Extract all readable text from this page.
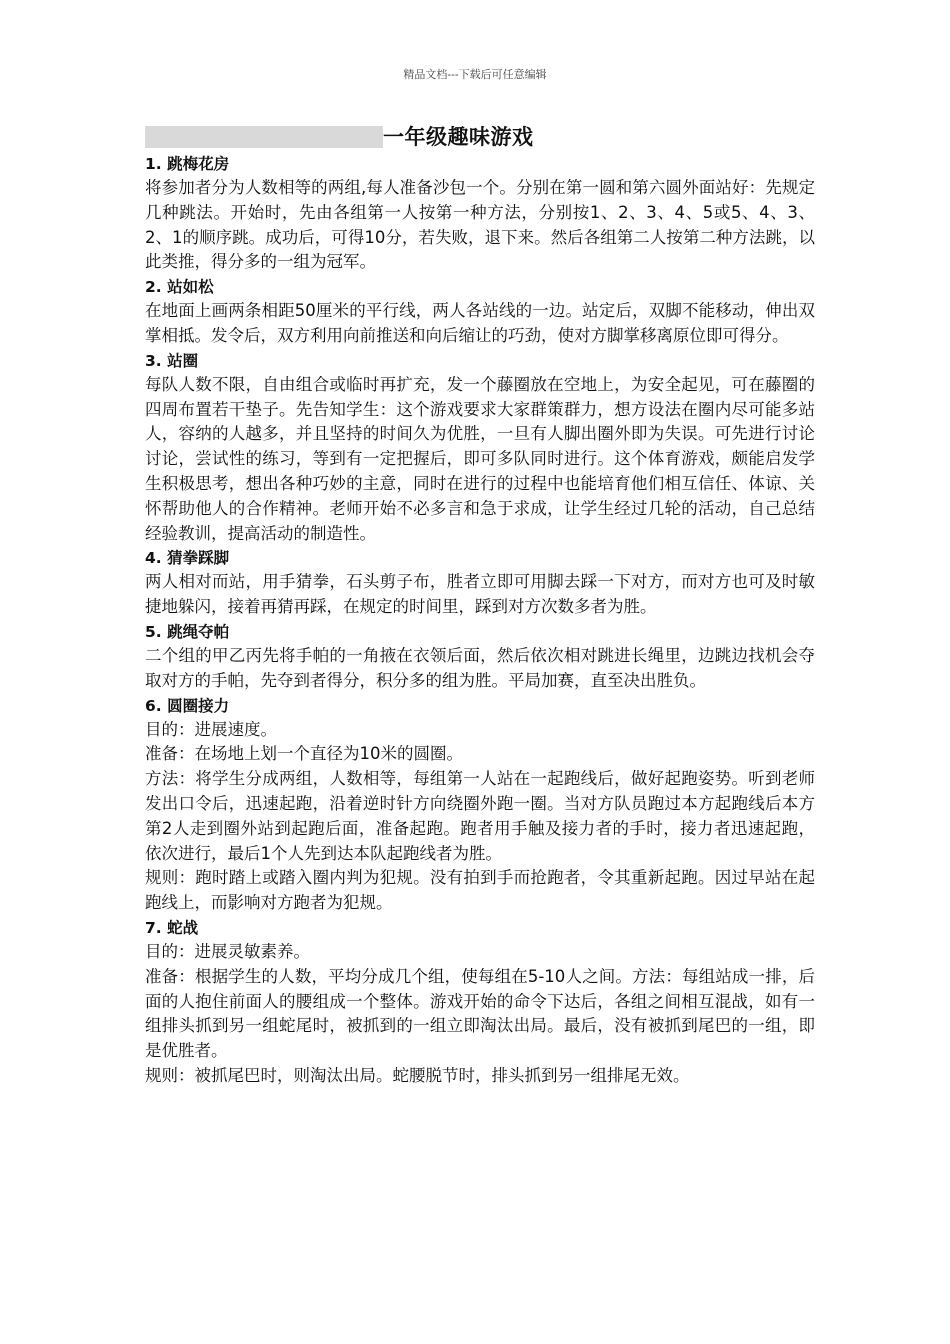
精品文档---下载后可任意编辑
一年级趣味游戏
1. 跳梅花房
将参加者分为人数相等的两组,每人准备沙包一个。分别在第一圆和第六圆外面站好：先规定几种跳法。开始时，先由各组第一人按第一种方法，分别按1、2、3、4、5或5、4、3、2、1的顺序跳。成功后，可得10分，若失败，退下来。然后各组第二人按第二种方法跳，以此类推，得分多的一组为冠军。
2. 站如松
在地面上画两条相距50厘米的平行线，两人各站线的一边。站定后，双脚不能移动，伸出双掌相抵。发令后，双方利用向前推送和向后缩让的巧劲，使对方脚掌移离原位即可得分。
3. 站圈
每队人数不限，自由组合或临时再扩充，发一个藤圈放在空地上，为安全起见，可在藤圈的四周布置若干垫子。先告知学生：这个游戏要求大家群策群力，想方设法在圈内尽可能多站人，容纳的人越多，并且坚持的时间久为优胜，一旦有人脚出圈外即为失误。可先进行讨论讨论，尝试性的练习，等到有一定把握后，即可多队同时进行。这个体育游戏，颇能启发学生积极思考，想出各种巧妙的主意，同时在进行的过程中也能培育他们相互信任、体谅、关怀帮助他人的合作精神。老师开始不必多言和急于求成，让学生经过几轮的活动，自己总结经验教训，提高活动的制造性。
4. 猜拳踩脚
两人相对而站，用手猜拳，石头剪子布，胜者立即可用脚去踩一下对方，而对方也可及时敏捷地躲闪，接着再猜再踩，在规定的时间里，踩到对方次数多者为胜。
5. 跳绳夺帕
二个组的甲乙丙先将手帕的一角掖在衣领后面，然后依次相对跳进长绳里，边跳边找机会夺取对方的手帕，先夺到者得分，积分多的组为胜。平局加赛，直至决出胜负。
6. 圆圈接力
目的：进展速度。
准备：在场地上划一个直径为10米的圆圈。
方法：将学生分成两组，人数相等，每组第一人站在一起跑线后，做好起跑姿势。听到老师发出口令后，迅速起跑，沿着逆时针方向绕圈外跑一圈。当对方队员跑过本方起跑线后本方第2人走到圈外站到起跑后面，准备起跑。跑者用手触及接力者的手时，接力者迅速起跑，依次进行，最后1个人先到达本队起跑线者为胜。
规则：跑时踏上或踏入圈内判为犯规。没有拍到手而抢跑者，令其重新起跑。因过早站在起跑线上，而影响对方跑者为犯规。
7. 蛇战
目的：进展灵敏素养。
准备：根据学生的人数，平均分成几个组，使每组在5-10人之间。方法：每组站成一排，后面的人抱住前面人的腰组成一个整体。游戏开始的命令下达后，各组之间相互混战，如有一组排头抓到另一组蛇尾时，被抓到的一组立即淘汰出局。最后，没有被抓到尾巴的一组，即是优胜者。
规则：被抓尾巴时，则淘汰出局。蛇腰脱节时，排头抓到另一组排尾无效。
